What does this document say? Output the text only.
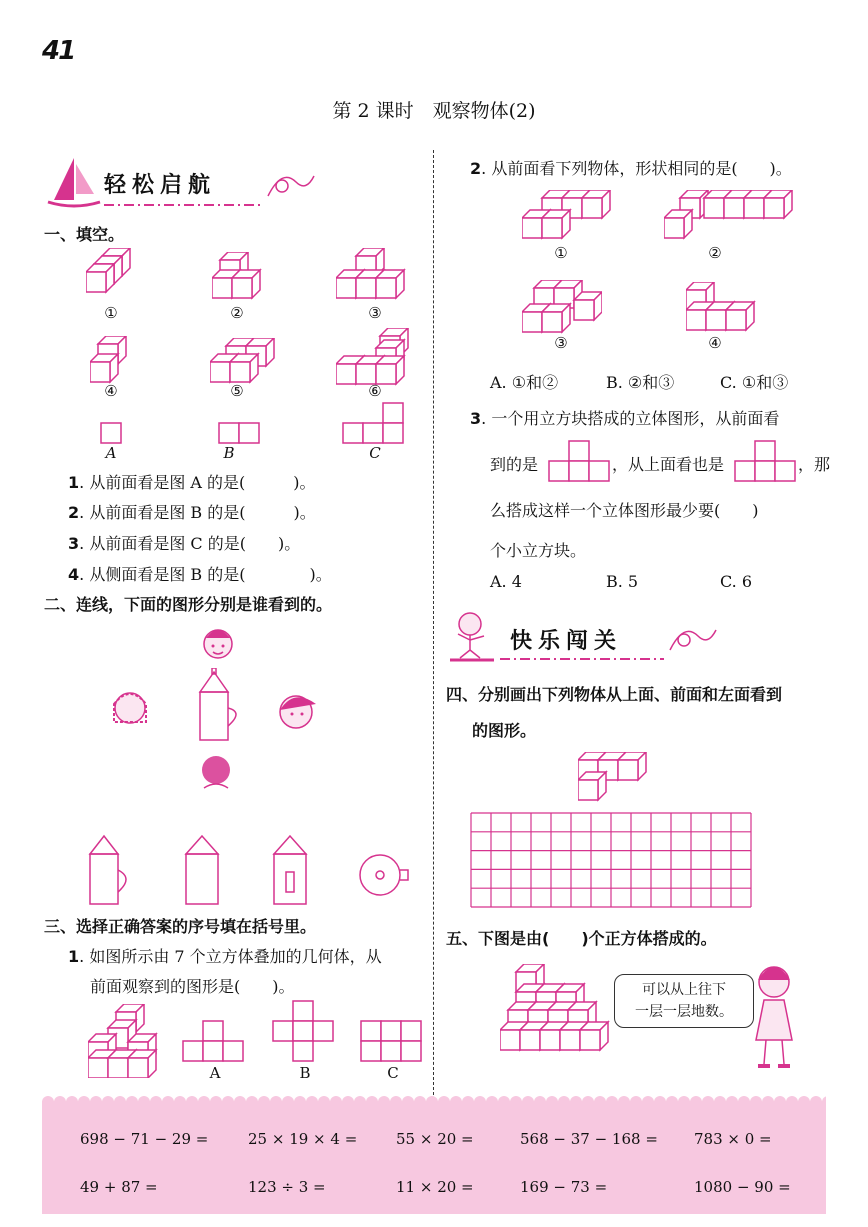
41
第 2 课时　观察物体(2)
轻松启航
一、填空。
①	②	③
④	⑤	⑥
A	B	C
1. 从前面看是图 A 的是(　　　)。
2. 从前面看是图 B 的是(　　　)。
3. 从前面看是图 C 的是(　　)。
4. 从侧面看是图 B 的是(　　　　)。
二、连线，下面的图形分别是谁看到的。
三、选择正确答案的序号填在括号里。
1. 如图所示由 7 个立方体叠加的几何体，从
前面观察到的图形是(　　)。
A	B	C
2. 从前面看下列物体，形状相同的是(　　)。
①	②
③	④
A. ①和②	B. ②和③	C. ①和③
3. 一个用立方块搭成的立体图形，从前面看
到的是	，从上面看也是	，那
么搭成这样一个立体图形最少要(　　)
个小立方块。
A. 4	B. 5	C. 6
快乐闯关
四、分别画出下列物体从上面、前面和左面看到
的图形。
五、下图是由(　　)个正方体搭成的。
可以从上往下
一层一层地数。
698 − 71 − 29 =	25 × 19 × 4 =	55 × 20 =	568 − 37 − 168 = 783 × 0 =
49 + 87 =	123 ÷ 3 =	11 × 20 =	169 − 73 =	1080 − 90 =
